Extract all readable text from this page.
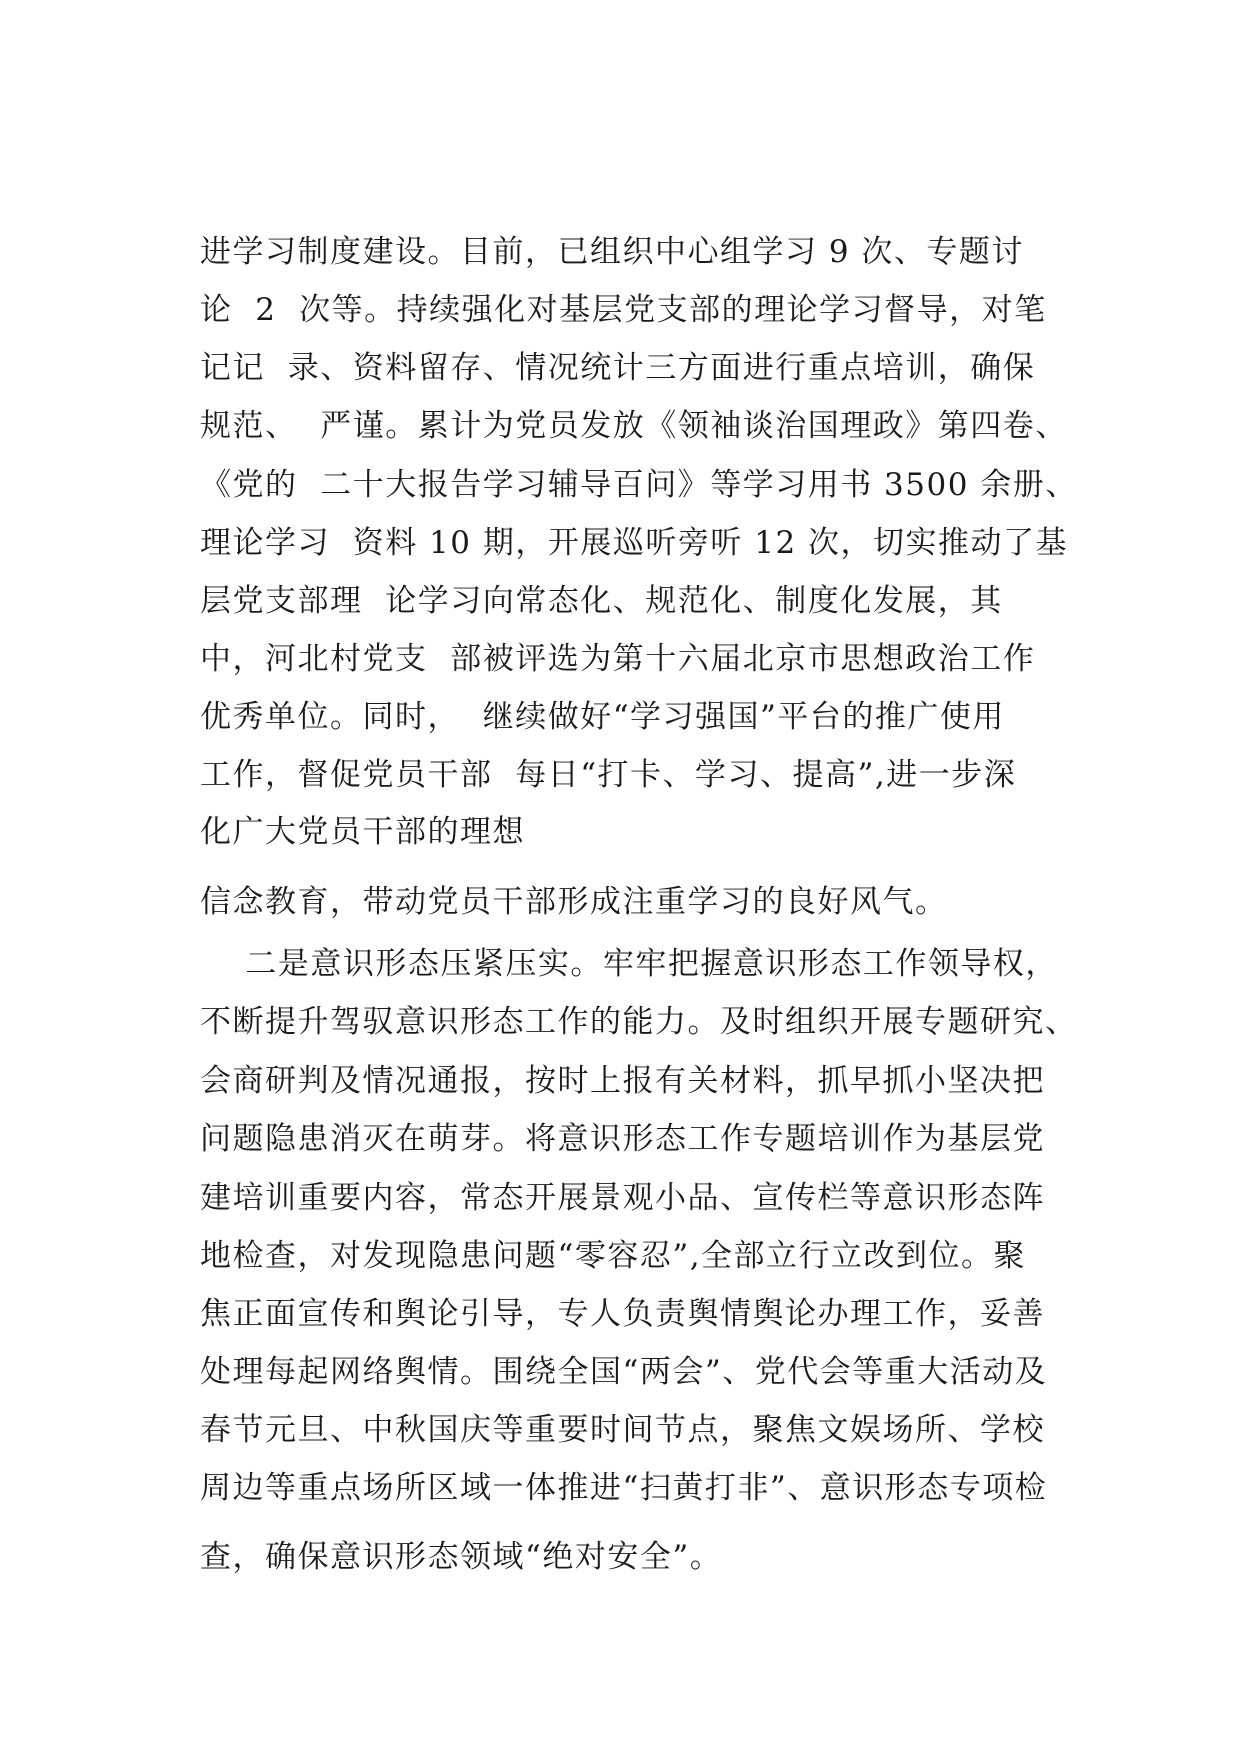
进学习制度建设。目前，已组织中心组学习 9 次、专题讨
论  2  次等。持续强化对基层党支部的理论学习督导，对笔
记记  录、资料留存、情况统计三方面进行重点培训，确保
规范、  严谨。累计为党员发放《领袖谈治国理政》第四卷、
《党的  二十大报告学习辅导百问》等学习用书 3500 余册、
理论学习  资料 10 期，开展巡听旁听 12 次，切实推动了基
层党支部理  论学习向常态化、规范化、制度化发展，其
中，河北村党支  部被评选为第十六届北京市思想政治工作
优秀单位。同时，  继续做好“学习强国”平台的推广使用
工作，督促党员干部  每日“打卡、学习、提高”,进一步深
化广大党员干部的理想
信念教育，带动党员干部形成注重学习的良好风气。
二是意识形态压紧压实。牢牢把握意识形态工作领导权，
不断提升驾驭意识形态工作的能力。及时组织开展专题研究、
会商研判及情况通报，按时上报有关材料，抓早抓小坚决把
问题隐患消灭在萌芽。将意识形态工作专题培训作为基层党
建培训重要内容，常态开展景观小品、宣传栏等意识形态阵
地检查，对发现隐患问题“零容忍”,全部立行立改到位。聚
焦正面宣传和舆论引导，专人负责舆情舆论办理工作，妥善
处理每起网络舆情。围绕全国“两会”、党代会等重大活动及
春节元旦、中秋国庆等重要时间节点，聚焦文娱场所、学校
周边等重点场所区域一体推进“扫黄打非”、意识形态专项检
查，确保意识形态领域“绝对安全”。
